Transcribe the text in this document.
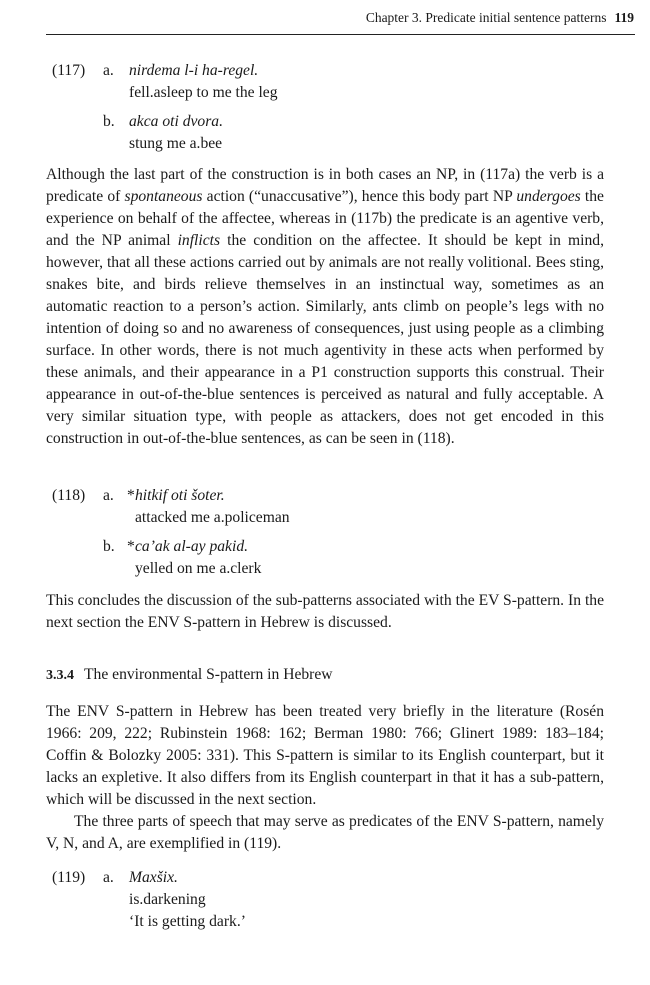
Chapter 3. Predicate initial sentence patterns 119
(117) a. nirdema l-i ha-regel.
fell.asleep to me the leg
b. akca oti dvora.
stung me a.bee
Although the last part of the construction is in both cases an NP, in (117a) the verb is a predicate of spontaneous action (“unaccusative”), hence this body part NP undergoes the experience on behalf of the affectee, whereas in (117b) the predicate is an agentive verb, and the NP animal inflicts the condition on the affectee. It should be kept in mind, however, that all these actions carried out by animals are not really volitional. Bees sting, snakes bite, and birds relieve themselves in an instinctual way, sometimes as an automatic reaction to a person’s action. Similarly, ants climb on people’s legs with no intention of doing so and no awareness of consequences, just using people as a climbing surface. In other words, there is not much agentivity in these acts when performed by these animals, and their appearance in a P1 construction supports this construal. Their appearance in out-of-the-blue sentences is perceived as natural and fully acceptable. A very similar situation type, with people as attackers, does not get encoded in this construction in out-of-the-blue sentences, as can be seen in (118).
(118) a. * hitkif oti šoter.
attacked me a.policeman
b. * ca’ak al-ay pakid.
yelled on me a.clerk
This concludes the discussion of the sub-patterns associated with the EV S-pattern. In the next section the ENV S-pattern in Hebrew is discussed.
3.3.4 The environmental S-pattern in Hebrew
The ENV S-pattern in Hebrew has been treated very briefly in the literature (Rosén 1966: 209, 222; Rubinstein 1968: 162; Berman 1980: 766; Glinert 1989: 183–184; Coffin & Bolozky 2005: 331). This S-pattern is similar to its English counterpart, but it lacks an expletive. It also differs from its English counterpart in that it has a sub-pattern, which will be discussed in the next section.
The three parts of speech that may serve as predicates of the ENV S-pattern, namely V, N, and A, are exemplified in (119).
(119) a. Maxšix.
is.darkening
‘It is getting dark.’
